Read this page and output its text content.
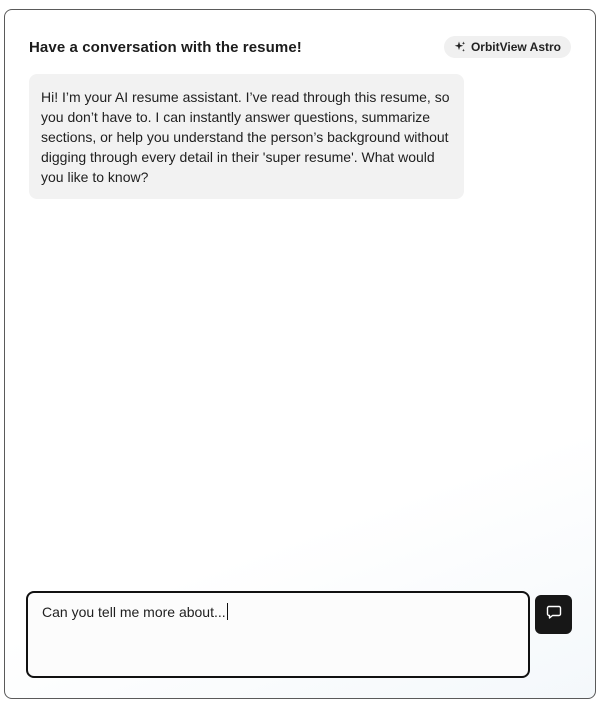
Have a conversation with the resume!	OrbitView Astro
Hi! I’m your AI resume assistant. I’ve read through this resume, so you don’t have to. I can instantly answer questions, summarize sections, or help you understand the person’s background without digging through every detail in their 'super resume'. What would you like to know?
Can you tell me more about...
